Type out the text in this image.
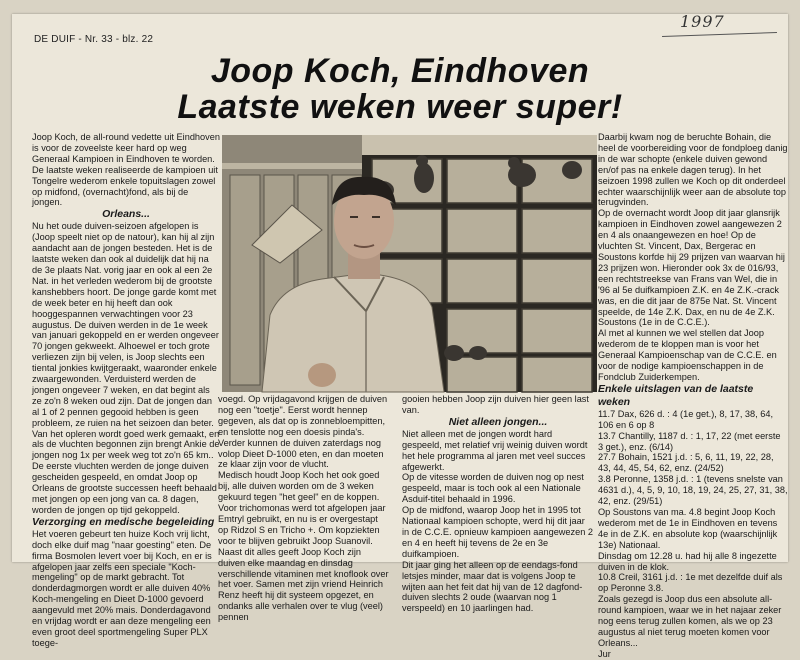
DE DUIF - Nr. 33 - blz. 22
1997
Joop Koch, Eindhoven
Laatste weken weer super!

Joop Koch, de all-round vedette uit Eindhoven is voor de zoveelste keer hard op weg Generaal Kampioen in Eindhoven te worden. De laatste weken realiseerde de kampioen uit Tongelre wederom enkele topuitslagen zowel op midfond, (overnacht)fond, als bij de jongen.

Orleans...

Nu het oude duiven-seizoen afgelopen is (Joop speelt niet op de natour), kan hij al zijn aandacht aan de jongen besteden. Het is de laatste weken dan ook al duidelijk dat hij na de 3e plaats Nat. vorig jaar en ook al een 2e Nat. in het verleden wederom bij de grootste kanshebbers hoort. De jonge garde komt met de week beter en hij heeft dan ook hooggespannen verwachtingen voor 23 augustus. De duiven werden in de 1e week van januari gekoppeld en er werden ongeveer 70 jongen gekweekt. Alhoewel er toch grote verliezen zijn bij velen, is Joop slechts een tiental jonkies kwijtgeraakt, waaronder enkele zwaargewonden. Verduisterd werden de jongen ongeveer 7 weken, en dat begint als ze zo'n 8 weken oud zijn. Dat de jongen dan al 1 of 2 pennen gegooid hebben is geen probleem, ze ruien na het seizoen dan beter. Van het opleren wordt goed werk gemaakt, en als de vluchten begonnen zijn brengt Ankie de jongen nog 1x per week weg tot zo'n 65 km.. De eerste vluchten werden de jonge duiven gescheiden gespeeld, en omdat Joop op Orleans de grootste successen heeft behaald met jongen op een jong van ca. 8 dagen, worden de jongen op tijd gekoppeld.

Verzorging en medische begeleiding

Het voeren gebeurt ten huize Koch vrij licht, doch elke duif mag "naar goesting" eten. De firma Bosmolen levert voer bij Koch, en er is afgelopen jaar zelfs een speciale "Koch-mengeling" op de markt gebracht. Tot donderdagmorgen wordt er alle duiven 40% Koch-mengeling en Dieet D-1000 gevoerd aangevuld met 20% mais. Donderdagavond en vrijdag wordt er aan deze mengeling een even groot deel sportmengeling Super PLX toege-

voegd. Op vrijdagavond krijgen de duiven nog een "toetje". Eerst wordt hennep gegeven, als dat op is zonnebloempitten, en tenslotte nog een doesis pinda's. Verder kunnen de duiven zaterdags nog volop Dieet D-1000 eten, en dan moeten ze klaar zijn voor de vlucht.

Medisch houdt Joop Koch het ook goed bij, alle duiven worden om de 3 weken gekuurd tegen "het geel" en de koppen. Voor trichomonas werd tot afgelopen jaar Emtryl gebruikt, en nu is er overgestapt op Ridzol S en Tricho +. Om kopziekten voor te blijven gebruikt Joop Suanovil.

Naast dit alles geeft Joop Koch zijn duiven elke maandag en dinsdag verschillende vitaminen met knoflook over het voer. Samen met zijn vriend Heinrich Renz heeft hij dit systeem opgezet, en ondanks alle verhalen over te vlug (veel) pennen

gooien hebben Joop zijn duiven hier geen last van.

Niet alleen jongen...

Niet alleen met de jongen wordt hard gespeeld, met relatief vrij weinig duiven wordt het hele programma al jaren met veel succes afgewerkt.

Op de vitesse worden de duiven nog op nest gespeeld, maar is toch ook al een Nationale Asduif-titel behaald in 1996.

Op de midfond, waarop Joop het in 1995 tot Nationaal kampioen schopte, werd hij dit jaar in de C.C.E. opnieuw kampioen aangewezen 2 en 4 en heeft hij tevens de 2e en 3e duifkampioen.

Dit jaar ging het alleen op de eendags-fond letsjes minder, maar dat is volgens Joop te wijten aan het feit dat hij van de 12 dagfond-duiven slechts 2 oude (waarvan nog 1 verspeeld) en 10 jaarlingen had.

Daarbij kwam nog de beruchte Bohain, die heel de voorbereiding voor de fondploeg danig in de war schopte (enkele duiven gewond en/of pas na enkele dagen terug). In het seizoen 1998 zullen we Koch op dit onderdeel echter waarschijnlijk weer aan de absolute top terugvinden.

Op de overnacht wordt Joop dit jaar glansrijk kampioen in Eindhoven zowel aangewezen 2 en 4 als onaangewezen en hoe! Op de vluchten St. Vincent, Dax, Bergerac en Soustons korfde hij 29 prijzen van waarvan hij 23 prijzen won. Hieronder ook 3x de 016/93, een rechtstreekse van Frans van Wel, die in '96 al 5e duifkampioen Z.K. en 4e Z.K.-crack was, en die dit jaar de 875e Nat. St. Vincent speelde, de 14e Z.K. Dax, en nu de 4e Z.K. Soustons (1e in de C.C.E.).

Al met al kunnen we wel stellen dat Joop wederom de te kloppen man is voor het Generaal Kampioenschap van de C.C.E. en voor de nodige kampioenschappen in de Fondclub Zuiderkempen.

Enkele uitslagen van de laatste weken

11.7 Dax, 626 d. : 4 (1e get.), 8, 17, 38, 64, 106 en 6 op 8

13.7 Chantilly, 1187 d. : 1, 17, 22 (met eerste 3 get.), enz. (6/14)

27.7 Bohain, 1521 j.d. : 5, 6, 11, 19, 22, 28, 43, 44, 45, 54, 62, enz. (24/52)

3.8 Peronne, 1358 j.d. : 1 (tevens snelste van 4631 d.), 4, 5, 9, 10, 18, 19, 24, 25, 27, 31, 38, 42, enz. (29/51)

Op Soustons van ma. 4.8 begint Joop Koch wederom met de 1e in Eindhoven en tevens 4e in de Z.K. en absolute kop (waarschijnlijk 13e) Nationaal.

Dinsdag om 12.28 u. had hij alle 8 ingezette duiven in de klok.

10.8 Creil, 3161 j.d. : 1e met dezelfde duif als op Peronne 3.8.

Zoals gezegd is Joop dus een absolute all-round kampioen, waar we in het najaar zeker nog eens terug zullen komen, als we op 23 augustus al niet terug moeten komen voor Orleans...

Jur
